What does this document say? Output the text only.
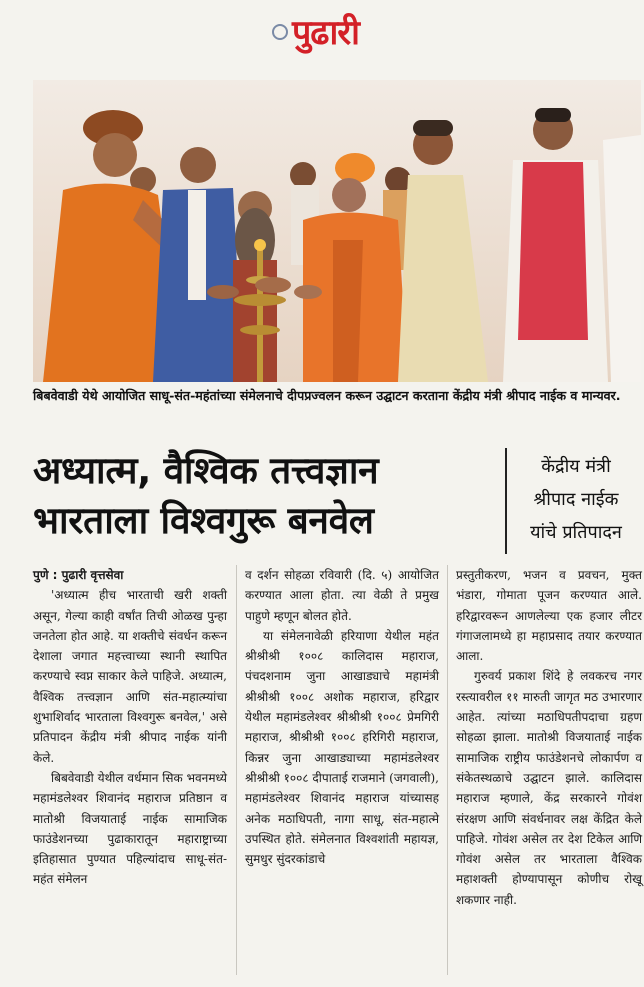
पुढारी
बिबवेवाडी येथे आयोजित साधू-संत-महंतांच्या संमेलनाचे दीपप्रज्वलन करून उद्घाटन करताना केंद्रीय मंत्री श्रीपाद नाईक व मान्यवर.
अध्यात्म, वैश्विक तत्त्वज्ञान
भारताला विश्वगुरू बनवेल
केंद्रीय मंत्री
श्रीपाद नाईक
यांचे प्रतिपादन

पुणे : पुढारी वृत्तसेवा

'अध्यात्म हीच भारताची खरी शक्ती असून, गेल्या काही वर्षांत तिची ओळख पुन्हा जनतेला होत आहे. या शक्तीचे संवर्धन करून देशाला जगात महत्त्वाच्या स्थानी स्थापित करण्याचे स्वप्न साकार केले पाहिजे. अध्यात्म, वैश्विक तत्त्वज्ञान आणि संत-महात्म्यांचा शुभाशिर्वाद भारताला विश्वगुरू बनवेल,' असे प्रतिपादन केंद्रीय मंत्री श्रीपाद नाईक यांनी केले.

बिबवेवाडी येथील वर्धमान सिक भवनमध्ये महामंडलेश्वर शिवानंद महाराज प्रतिष्ठान व मातोश्री विजयाताई नाईक सामाजिक फाउंडेशनच्या पुढाकारातून महाराष्ट्राच्या इतिहासात पुण्यात पहिल्यांदाच साधू-संत-महंत संमेलन

व दर्शन सोहळा रविवारी (दि. ५) आयोजित करण्यात आला होता. त्या वेळी ते प्रमुख पाहुणे म्हणून बोलत होते.

या संमेलनावेळी हरियाणा येथील महंत श्रीश्रीश्री १००८ कालिदास महाराज, पंचदशनाम जुना आखाड्याचे महामंत्री श्रीश्रीश्री १००८ अशोक महाराज, हरिद्वार येथील महामंडलेश्वर श्रीश्रीश्री १००८ प्रेमगिरी महाराज, श्रीश्रीश्री १००८ हरिगिरी महाराज, किन्नर जुना आखाड्याच्या महामंडलेश्वर श्रीश्रीश्री १००८ दीपाताई राजमाने (जगवाली), महामंडलेश्वर शिवानंद महाराज यांच्यासह अनेक मठाधिपती, नागा साधू, संत-महात्मे उपस्थित होते. संमेलनात विश्वशांती महायज्ञ, सुमधुर सुंदरकांडाचे

प्रस्तुतीकरण, भजन व प्रवचन, मुक्त भंडारा, गोमाता पूजन करण्यात आले. हरिद्वारवरून आणलेल्या एक हजार लीटर गंगाजलामध्ये हा महाप्रसाद तयार करण्यात आला.

गुरुवर्य प्रकाश शिंदे हे लवकरच नगर रस्त्यावरील ११ मारुती जागृत मठ उभारणार आहेत. त्यांच्या मठाधिपतीपदाचा ग्रहण सोहळा झाला. मातोश्री विजयाताई नाईक सामाजिक राष्ट्रीय फाउंडेशनचे लोकार्पण व संकेतस्थळाचे उद्घाटन झाले. कालिदास महाराज म्हणाले, केंद्र सरकारने गोवंश संरक्षण आणि संवर्धनावर लक्ष केंद्रित केले पाहिजे. गोवंश असेल तर देश टिकेल आणि गोवंश असेल तर भारताला वैश्विक महाशक्ती होण्यापासून कोणीच रोखू शकणार नाही.
